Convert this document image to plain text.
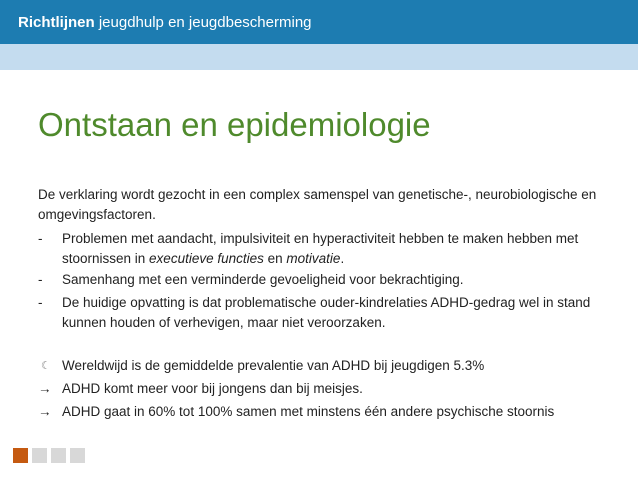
Richtlijnen jeugdhulp en jeugdbescherming
Ontstaan en epidemiologie
De verklaring wordt gezocht in een complex samenspel van genetische-, neurobiologische en omgevingsfactoren.
-	Problemen met aandacht, impulsiviteit en hyperactiviteit hebben te maken hebben met stoornissen in executieve functies en motivatie.
-	Samenhang met een verminderde gevoeligheid voor bekrachtiging.
-	De huidige opvatting is dat problematische ouder-kindrelaties ADHD-gedrag wel in stand kunnen houden of verhevigen, maar niet veroorzaken.
☾ Wereldwijd is de gemiddelde prevalentie van ADHD bij jeugdigen 5.3%
→ ADHD komt meer voor bij jongens dan bij meisjes.
→ ADHD gaat in 60% tot 100% samen met minstens één andere psychische stoornis
